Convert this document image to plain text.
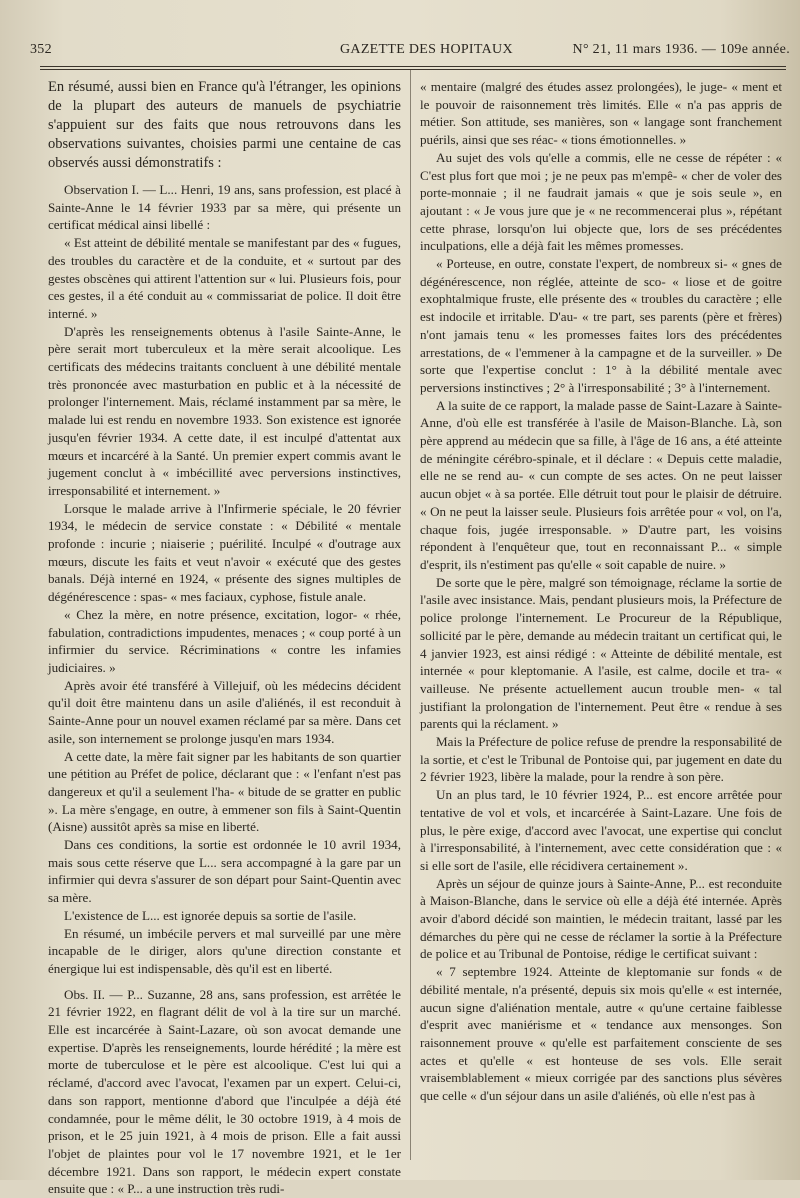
352	GAZETTE DES HOPITAUX	N° 21, 11 mars 1936. — 109e année.

En résumé, aussi bien en France qu'à l'étranger, les opinions de la plupart des auteurs de manuels de psychiatrie s'appuient sur des faits que nous retrouvons dans les observations suivantes, choisies parmi une centaine de cas observés aussi démonstratifs :

Observation I. — L... Henri, 19 ans, sans profession, est placé à Sainte-Anne le 14 février 1933 par sa mère, qui présente un certificat médical ainsi libellé :

« Est atteint de débilité mentale se manifestant par des « fugues, des troubles du caractère et de la conduite, et « surtout par des gestes obscènes qui attirent l'attention sur « lui. Plusieurs fois, pour ces gestes, il a été conduit au « commissariat de police. Il doit être interné. »

D'après les renseignements obtenus à l'asile Sainte-Anne, le père serait mort tuberculeux et la mère serait alcoolique. Les certificats des médecins traitants concluent à une débilité mentale très prononcée avec masturbation en public et à la nécessité de prolonger l'internement. Mais, réclamé instamment par sa mère, le malade lui est rendu en novembre 1933. Son existence est ignorée jusqu'en février 1934. A cette date, il est inculpé d'attentat aux mœurs et incarcéré à la Santé. Un premier expert commis avant le jugement conclut à « imbécillité avec perversions instinctives, irresponsabilité et internement. »

Lorsque le malade arrive à l'Infirmerie spéciale, le 20 février 1934, le médecin de service constate : « Débilité « mentale profonde : incurie ; niaiserie ; puérilité. Inculpé « d'outrage aux mœurs, discute les faits et veut n'avoir « exécuté que des gestes banals. Déjà interné en 1924, « présente des signes multiples de dégénérescence : spas- « mes faciaux, cyphose, fistule anale.

« Chez la mère, en notre présence, excitation, logor- « rhée, fabulation, contradictions impudentes, menaces ; « coup porté à un infirmier du service. Récriminations « contre les infamies judiciaires. »

Après avoir été transféré à Villejuif, où les médecins décident qu'il doit être maintenu dans un asile d'aliénés, il est reconduit à Sainte-Anne pour un nouvel examen réclamé par sa mère. Dans cet asile, son internement se prolonge jusqu'en mars 1934.

A cette date, la mère fait signer par les habitants de son quartier une pétition au Préfet de police, déclarant que : « l'enfant n'est pas dangereux et qu'il a seulement l'ha- « bitude de se gratter en public ». La mère s'engage, en outre, à emmener son fils à Saint-Quentin (Aisne) aussitôt après sa mise en liberté.

Dans ces conditions, la sortie est ordonnée le 10 avril 1934, mais sous cette réserve que L... sera accompagné à la gare par un infirmier qui devra s'assurer de son départ pour Saint-Quentin avec sa mère.

L'existence de L... est ignorée depuis sa sortie de l'asile.

En résumé, un imbécile pervers et mal surveillé par une mère incapable de le diriger, alors qu'une direction constante et énergique lui est indispensable, dès qu'il est en liberté.

Obs. II. — P... Suzanne, 28 ans, sans profession, est arrêtée le 21 février 1922, en flagrant délit de vol à la tire sur un marché. Elle est incarcérée à Saint-Lazare, où son avocat demande une expertise. D'après les renseignements, lourde hérédité ; la mère est morte de tuberculose et le père est alcoolique. C'est lui qui a réclamé, d'accord avec l'avocat, l'examen par un expert. Celui-ci, dans son rapport, mentionne d'abord que l'inculpée a déjà été condamnée, pour le même délit, le 30 octobre 1919, à 4 mois de prison, et le 25 juin 1921, à 4 mois de prison. Elle a fait aussi l'objet de plaintes pour vol le 17 novembre 1921, et le 1er décembre 1921. Dans son rapport, le médecin expert constate ensuite que : « P... a une instruction très rudi-

« mentaire (malgré des études assez prolongées), le juge- « ment et le pouvoir de raisonnement très limités. Elle « n'a pas appris de métier. Son attitude, ses manières, son « langage sont franchement puérils, ainsi que ses réac- « tions émotionnelles. »

Au sujet des vols qu'elle a commis, elle ne cesse de répéter : « C'est plus fort que moi ; je ne peux pas m'empê- « cher de voler des porte-monnaie ; il ne faudrait jamais « que je sois seule », en ajoutant : « Je vous jure que je « ne recommencerai plus », répétant cette phrase, lorsqu'on lui objecte que, lors de ses précédentes inculpations, elle a déjà fait les mêmes promesses.

« Porteuse, en outre, constate l'expert, de nombreux si- « gnes de dégénérescence, non réglée, atteinte de sco- « liose et de goitre exophtalmique fruste, elle présente des « troubles du caractère ; elle est indocile et irritable. D'au- « tre part, ses parents (père et frères) n'ont jamais tenu « les promesses faites lors des précédentes arrestations, de « l'emmener à la campagne et de la surveiller. » De sorte que l'expertise conclut : 1° à la débilité mentale avec perversions instinctives ; 2° à l'irresponsabilité ; 3° à l'internement.

A la suite de ce rapport, la malade passe de Saint-Lazare à Sainte-Anne, d'où elle est transférée à l'asile de Maison-Blanche. Là, son père apprend au médecin que sa fille, à l'âge de 16 ans, a été atteinte de méningite cérébro-spinale, et il déclare : « Depuis cette maladie, elle ne se rend au- « cun compte de ses actes. On ne peut laisser aucun objet « à sa portée. Elle détruit tout pour le plaisir de détruire. « On ne peut la laisser seule. Plusieurs fois arrêtée pour « vol, on l'a, chaque fois, jugée irresponsable. » D'autre part, les voisins répondent à l'enquêteur que, tout en reconnaissant P... « simple d'esprit, ils n'estiment pas qu'elle « soit capable de nuire. »

De sorte que le père, malgré son témoignage, réclame la sortie de l'asile avec insistance. Mais, pendant plusieurs mois, la Préfecture de police prolonge l'internement. Le Procureur de la République, sollicité par le père, demande au médecin traitant un certificat qui, le 4 janvier 1923, est ainsi rédigé : « Atteinte de débilité mentale, est internée « pour kleptomanie. A l'asile, est calme, docile et tra- « vailleuse. Ne présente actuellement aucun trouble men- « tal justifiant la prolongation de l'internement. Peut être « rendue à ses parents qui la réclament. »

Mais la Préfecture de police refuse de prendre la responsabilité de la sortie, et c'est le Tribunal de Pontoise qui, par jugement en date du 2 février 1923, libère la malade, pour la rendre à son père.

Un an plus tard, le 10 février 1924, P... est encore arrêtée pour tentative de vol et vols, et incarcérée à Saint-Lazare. Une fois de plus, le père exige, d'accord avec l'avocat, une expertise qui conclut à l'irresponsabilité, à l'internement, avec cette considération que : « si elle sort de l'asile, elle récidivera certainement ».

Après un séjour de quinze jours à Sainte-Anne, P... est reconduite à Maison-Blanche, dans le service où elle a déjà été internée. Après avoir d'abord décidé son maintien, le médecin traitant, lassé par les démarches du père qui ne cesse de réclamer la sortie à la Préfecture de police et au Tribunal de Pontoise, rédige le certificat suivant :

« 7 septembre 1924. Atteinte de kleptomanie sur fonds « de débilité mentale, n'a présenté, depuis six mois qu'elle « est internée, aucun signe d'aliénation mentale, autre « qu'une certaine faiblesse d'esprit avec maniérisme et « tendance aux mensonges. Son raisonnement prouve « qu'elle est parfaitement consciente de ses actes et qu'elle « est honteuse de ses vols. Elle serait vraisemblablement « mieux corrigée par des sanctions plus sévères que celle « d'un séjour dans un asile d'aliénés, où elle n'est pas à
